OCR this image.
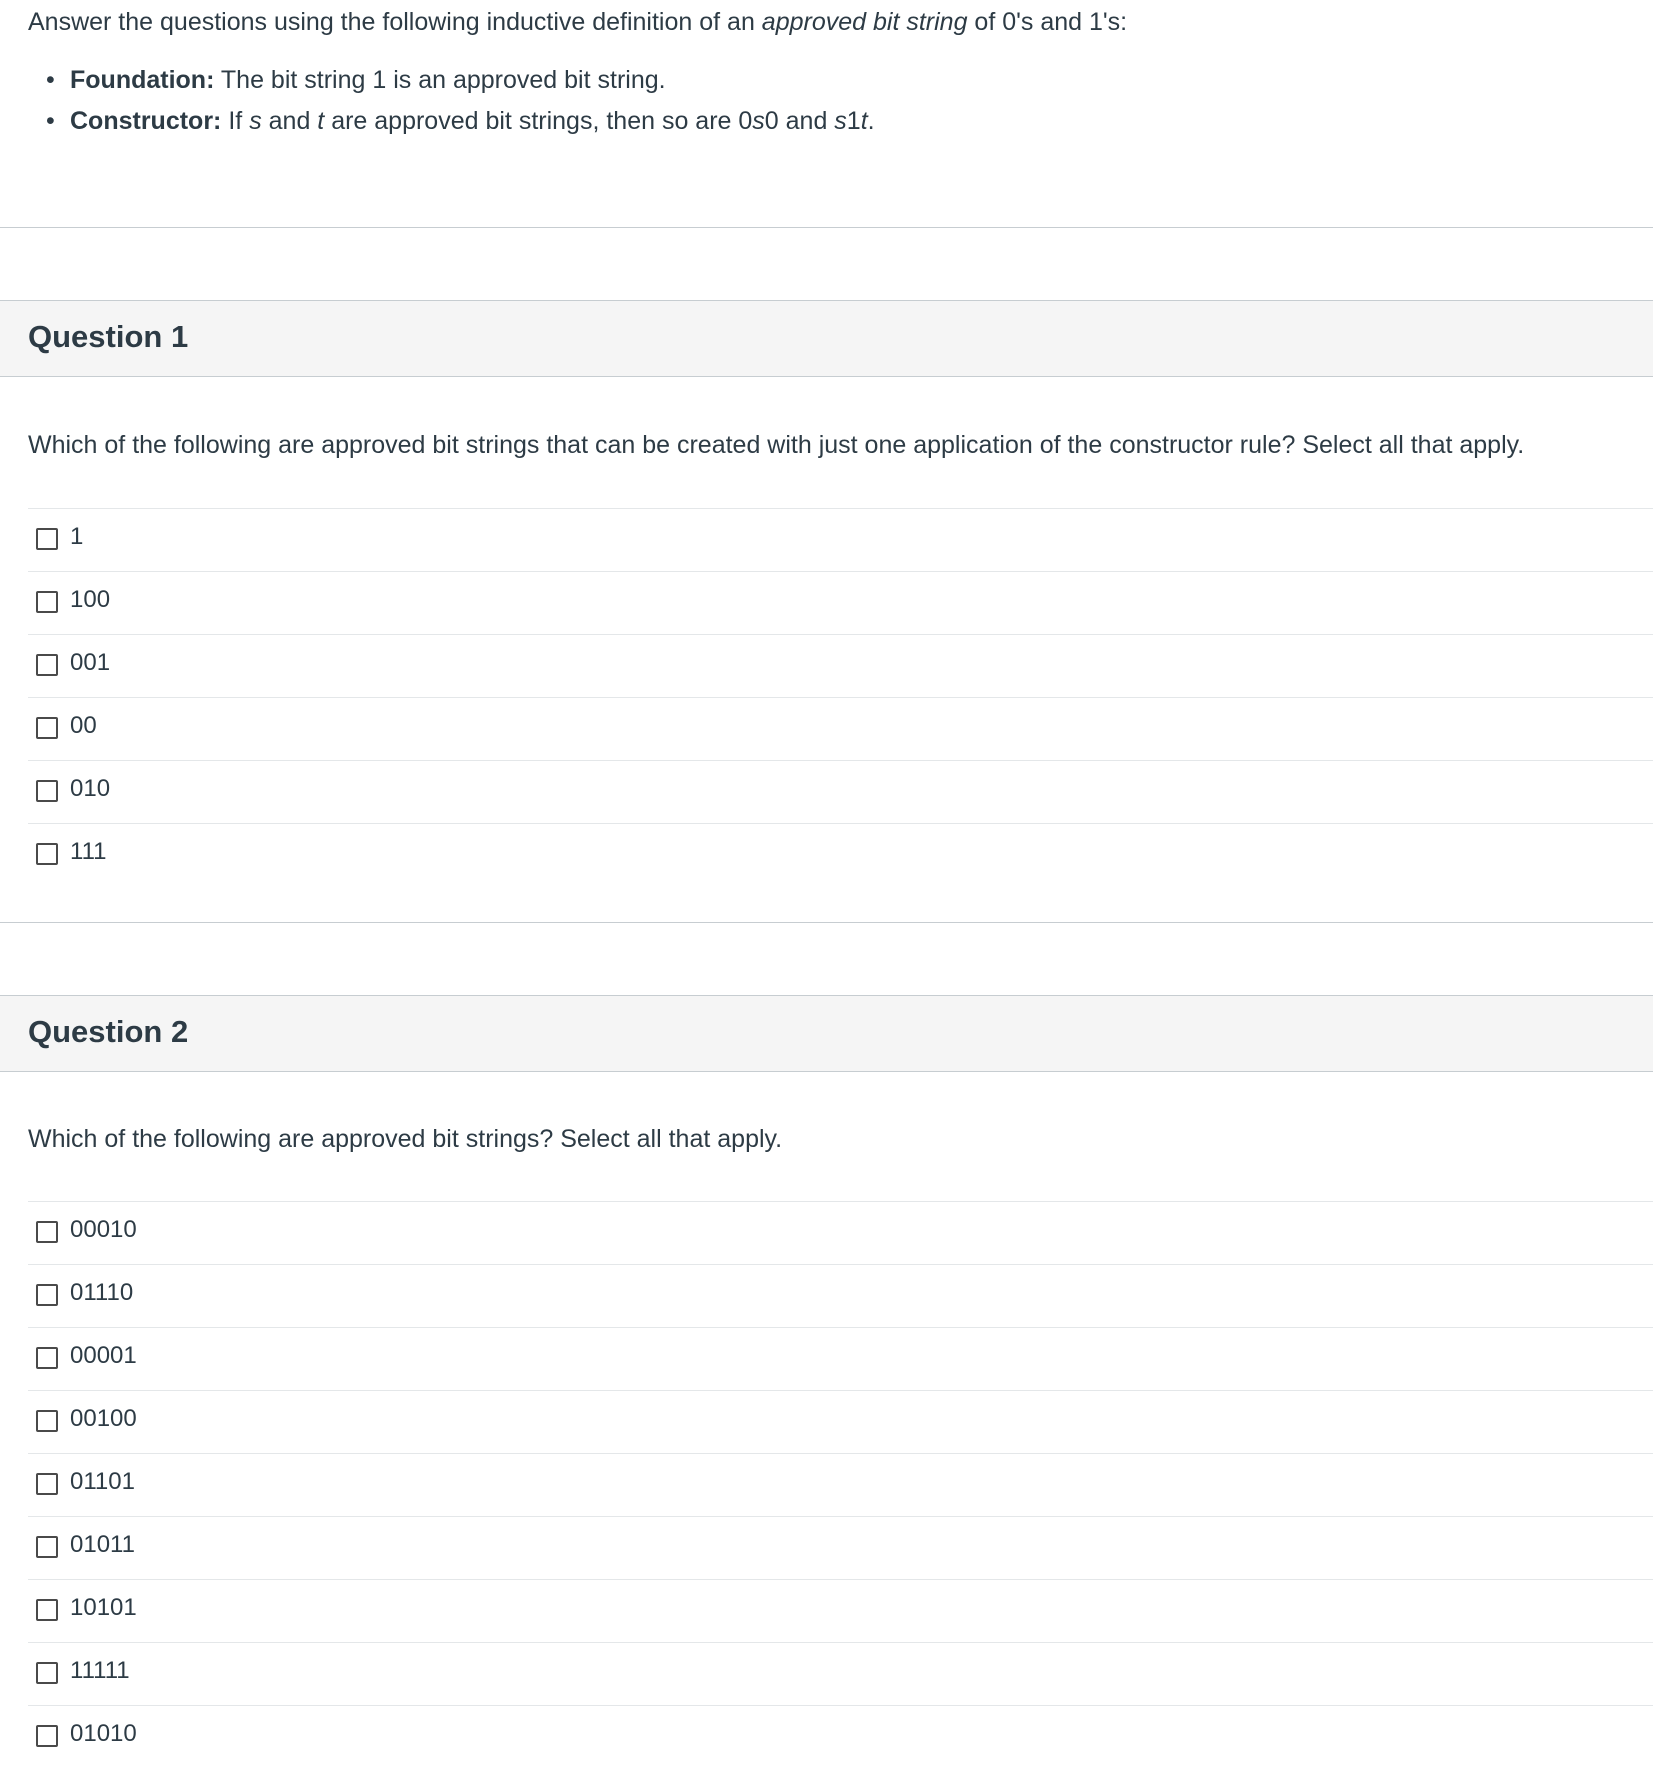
Answer the questions using the following inductive definition of an approved bit string of 0's and 1's:

• Foundation: The bit string 1 is an approved bit string.
• Constructor: If s and t are approved bit strings, then so are 0s0 and s1t.
Question 1

Which of the following are approved bit strings that can be created with just one application of the constructor rule? Select all that apply.

1
100
001
00
010
111
Question 2

Which of the following are approved bit strings? Select all that apply.

00010
01110
00001
00100
01101
01011
10101
11111
01010
